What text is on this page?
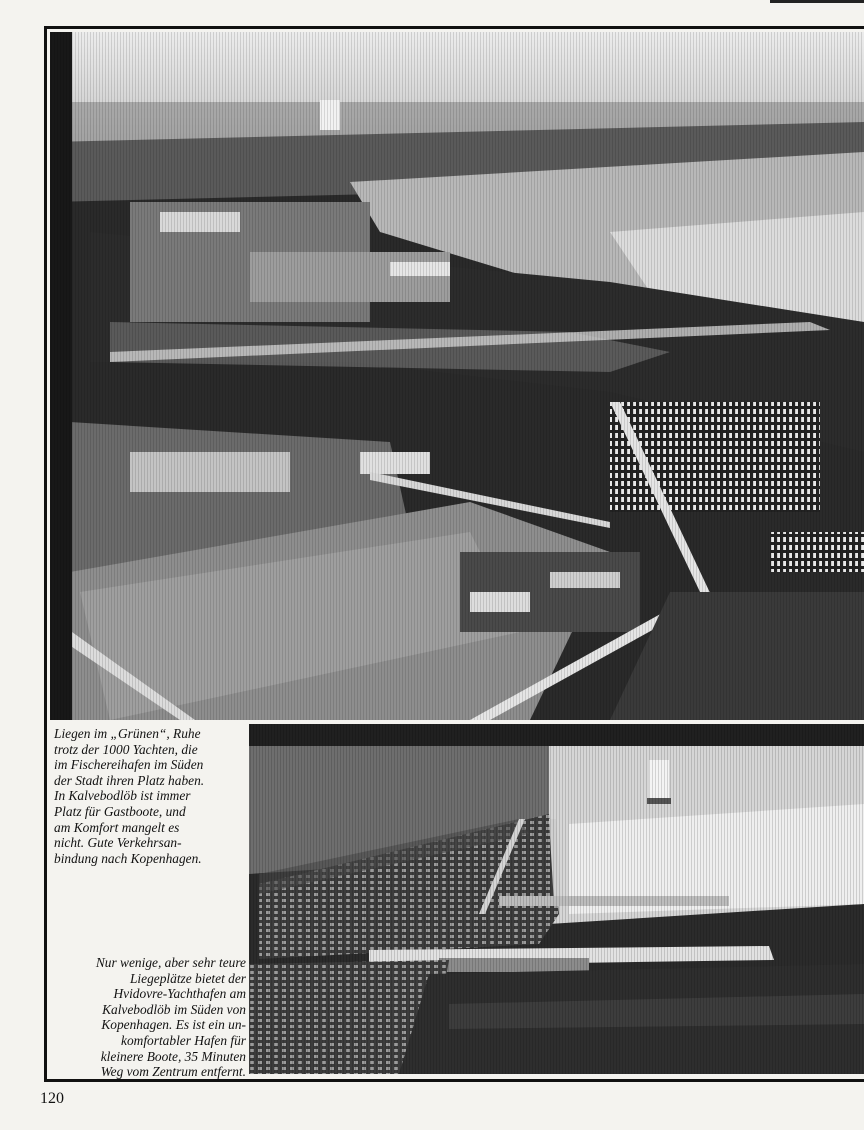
Liegen im „Grünen“, Ruhe
trotz der 1000 Yachten, die
im Fischereihafen im Süden
der Stadt ihren Platz haben.
In Kalvebodlöb ist immer
Platz für Gastboote, und
am Komfort mangelt es
nicht. Gute Verkehrsan-
bindung nach Kopenhagen.

Nur wenige, aber sehr teure
Liegeplätze bietet der
Hvidovre-Yachthafen am
Kalvebodlöb im Süden von
Kopenhagen. Es ist ein un-
komfortabler Hafen für
kleinere Boote, 35 Minuten
Weg vom Zentrum entfernt.

120
